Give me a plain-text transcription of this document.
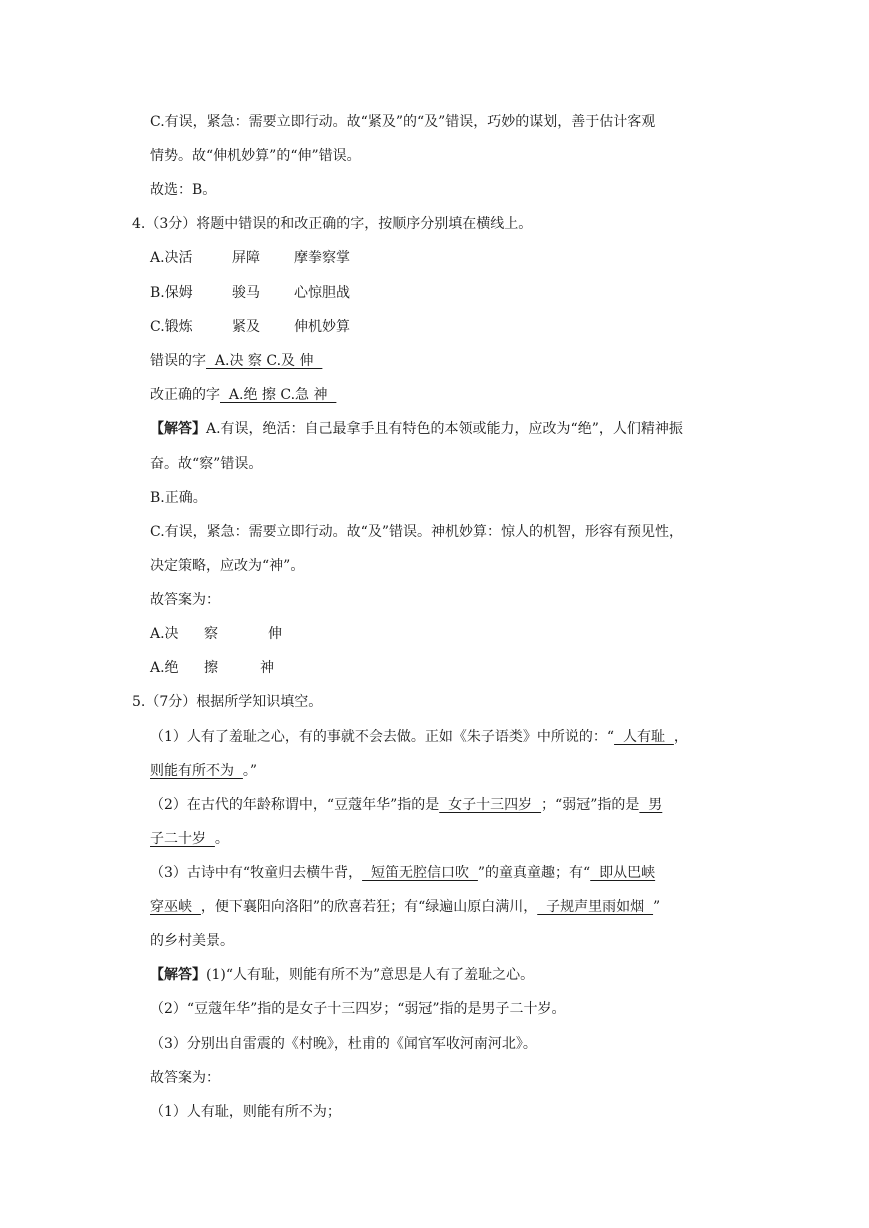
C.有误，紧急：需要立即行动。故“紧及”的“及”错误，巧妙的谋划，善于估计客观
情势。故“伸机妙算”的“伸”错误。
故选：B。
4.（3分）将题中错误的和改正确的字，按顺序分别填在横线上。
A.决活	屏障 摩拳察掌
B.保姆	骏马 心惊胆战
C.锻炼	紧及 伸机妙算
错误的字  A.决 察 C.及 伸
改正确的字  A.绝 擦 C.急 神
【解答】A.有误，绝活：自己最拿手且有特色的本领或能力，应改为“绝”，人们精神振
奋。故“察”错误。
B.正确。
C.有误，紧急：需要立即行动。故“及”错误。神机妙算：惊人的机智，形容有预见性，
决定策略，应改为“神”。
故答案为：
A.决 察	伸
A.绝 擦	神
5.（7分）根据所学知识填空。
（1）人有了羞耻之心，有的事就不会去做。正如《朱子语类》中所说的：“  人有耻  ，
则能有所不为  。”
（2）在古代的年龄称谓中，“豆蔻年华”指的是  女子十三四岁  ；“弱冠”指的是  男
子二十岁  。
（3）古诗中有“牧童归去横牛背，  短笛无腔信口吹  ”的童真童趣；有“  即从巴峡
穿巫峡  ，便下襄阳向洛阳”的欣喜若狂；有“绿遍山原白满川，  子规声里雨如烟  ”
的乡村美景。
【解答】(1)“人有耻，则能有所不为”意思是人有了羞耻之心。
（2）“豆蔻年华”指的是女子十三四岁；“弱冠”指的是男子二十岁。
（3）分别出自雷震的《村晚》，杜甫的《闻官军收河南河北》。
故答案为：
（1）人有耻，则能有所不为；
